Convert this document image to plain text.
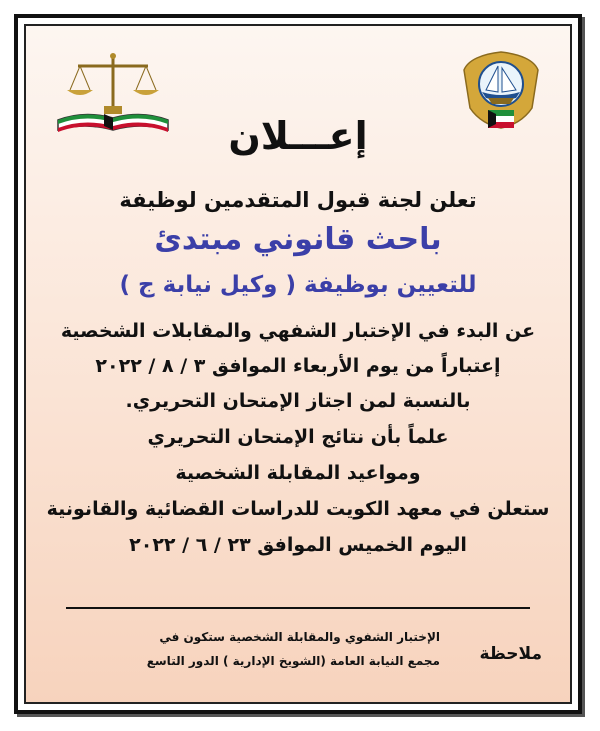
إعـــلان
تعلن لجنة قبول المتقدمين لوظيفة
باحث قانوني مبتدئ
للتعيين بوظيفة ( وكيل نيابة ج )
عن البدء في الإختبار الشفهي والمقابلات الشخصية
إعتباراً من يوم الأربعاء الموافق ٣ / ٨ / ٢٠٢٢
بالنسبة لمن اجتاز الإمتحان التحريري.
علماً بأن نتائج الإمتحان التحريري
ومواعيد المقابلة الشخصية
ستعلن في معهد الكويت للدراسات القضائية والقانونية
اليوم الخميس الموافق ٢٣ / ٦ / ٢٠٢٢
ملاحظة
الإختبار الشفوي والمقابلة الشخصية ستكون في
مجمع النيابة العامة (الشويخ الإدارية ) الدور التاسع
